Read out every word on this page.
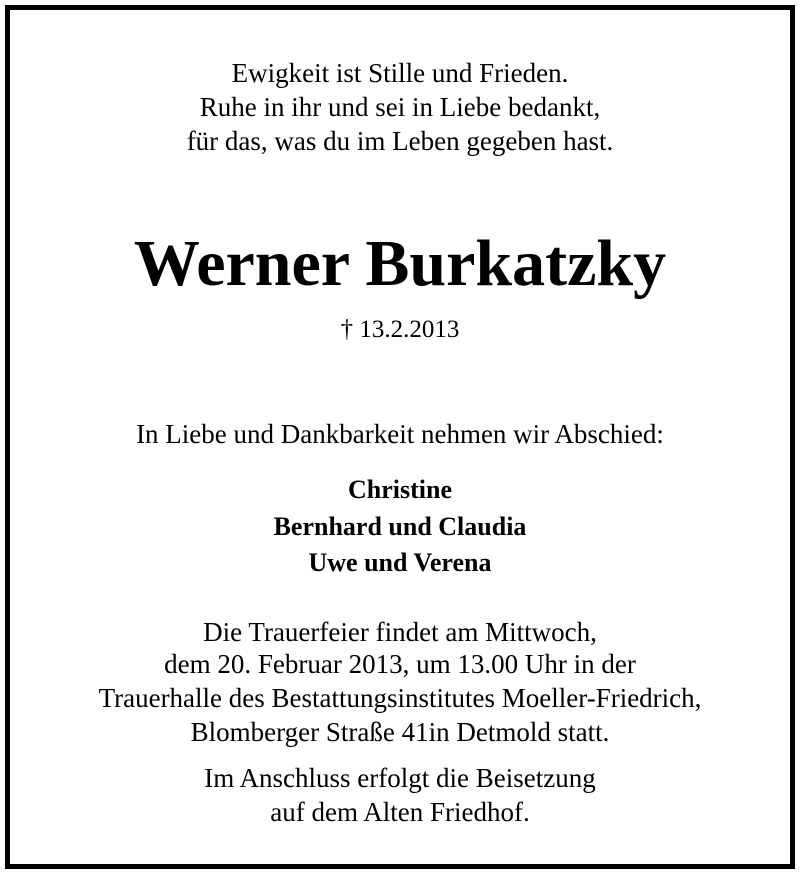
Ewigkeit ist Stille und Frieden.
Ruhe in ihr und sei in Liebe bedankt,
für das, was du im Leben gegeben hast.
Werner Burkatzky
† 13.2.2013
In Liebe und Dankbarkeit nehmen wir Abschied:
Christine
Bernhard und Claudia
Uwe und Verena
Die Trauerfeier findet am Mittwoch,
dem 20. Februar 2013, um 13.00 Uhr in der
Trauerhalle des Bestattungsinstitutes Moeller-Friedrich,
Blomberger Straße 41in Detmold statt.
Im Anschluss erfolgt die Beisetzung
auf dem Alten Friedhof.
